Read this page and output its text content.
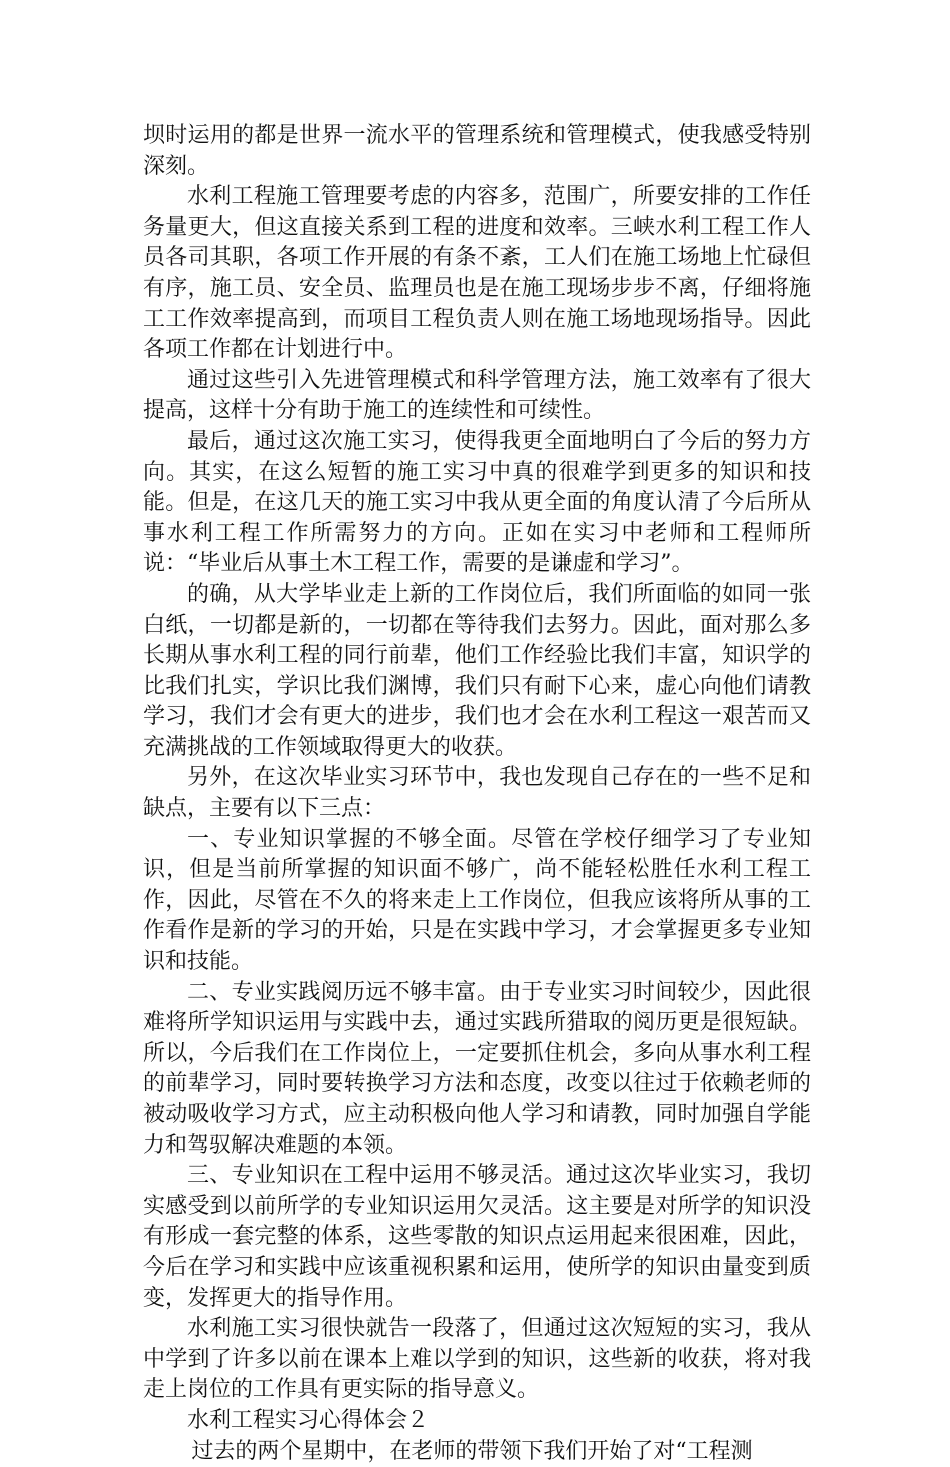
坝时运用的都是世界一流水平的管理系统和管理模式，使我感受特别深刻。

水利工程施工管理要考虑的内容多，范围广，所要安排的工作任务量更大，但这直接关系到工程的进度和效率。三峡水利工程工作人员各司其职，各项工作开展的有条不紊，工人们在施工场地上忙碌但有序，施工员、安全员、监理员也是在施工现场步步不离，仔细将施工工作效率提高到，而项目工程负责人则在施工场地现场指导。因此各项工作都在计划进行中。

通过这些引入先进管理模式和科学管理方法，施工效率有了很大提高，这样十分有助于施工的连续性和可续性。

最后，通过这次施工实习，使得我更全面地明白了今后的努力方向。其实，在这么短暂的施工实习中真的很难学到更多的知识和技能。但是，在这几天的施工实习中我从更全面的角度认清了今后所从事水利工程工作所需努力的方向。正如在实习中老师和工程师所说：“毕业后从事土木工程工作，需要的是谦虚和学习”。

的确，从大学毕业走上新的工作岗位后，我们所面临的如同一张白纸，一切都是新的，一切都在等待我们去努力。因此，面对那么多长期从事水利工程的同行前辈，他们工作经验比我们丰富，知识学的比我们扎实，学识比我们渊博，我们只有耐下心来，虚心向他们请教学习，我们才会有更大的进步，我们也才会在水利工程这一艰苦而又充满挑战的工作领域取得更大的收获。

另外，在这次毕业实习环节中，我也发现自己存在的一些不足和缺点，主要有以下三点：

一、专业知识掌握的不够全面。尽管在学校仔细学习了专业知识，但是当前所掌握的知识面不够广，尚不能轻松胜任水利工程工作，因此，尽管在不久的将来走上工作岗位，但我应该将所从事的工作看作是新的学习的开始，只是在实践中学习，才会掌握更多专业知识和技能。

二、专业实践阅历远不够丰富。由于专业实习时间较少，因此很难将所学知识运用与实践中去，通过实践所猎取的阅历更是很短缺。所以，今后我们在工作岗位上，一定要抓住机会，多向从事水利工程的前辈学习，同时要转换学习方法和态度，改变以往过于依赖老师的被动吸收学习方式，应主动积极向他人学习和请教，同时加强自学能力和驾驭解决难题的本领。

三、专业知识在工程中运用不够灵活。通过这次毕业实习，我切实感受到以前所学的专业知识运用欠灵活。这主要是对所学的知识没有形成一套完整的体系，这些零散的知识点运用起来很困难，因此，今后在学习和实践中应该重视积累和运用，使所学的知识由量变到质变，发挥更大的指导作用。

水利施工实习很快就告一段落了，但通过这次短短的实习，我从中学到了许多以前在课本上难以学到的知识，这些新的收获，将对我走上岗位的工作具有更实际的指导意义。

水利工程实习心得体会２

过去的两个星期中，在老师的带领下我们开始了对“工程测
